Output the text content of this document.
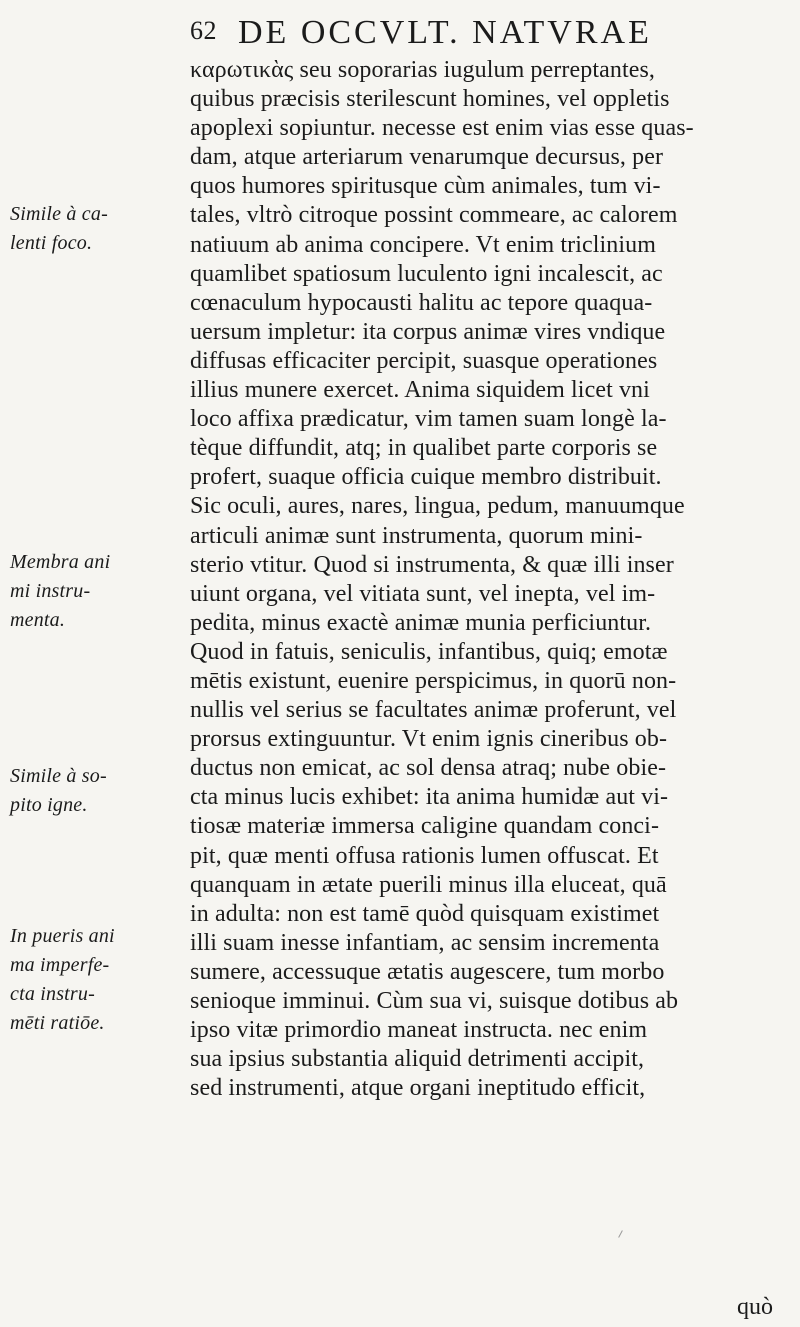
62 DE OCCVLT. NATVRAE
Simile à ca-
lenti foco.
Membra ani
mi instru-
menta.
Simile à so-
pito igne.
In pueris ani
ma imperfe-
cta instru-
mēti ratiōe.
καρωτικὰς seu soporarias iugulum perreptantes,
quibus præcisis sterilescunt homines, vel oppletis
apoplexi sopiuntur. necesse est enim vias esse quas-
dam, atque arteriarum venarumque decursus, per
quos humores spiritusque cùm animales, tum vi-
tales, vltrò citroque possint commeare, ac calorem
natiuum ab anima concipere. Vt enim triclinium
quamlibet spatiosum luculento igni incalescit, ac
cœnaculum hypocausti halitu ac tepore quaqua-
uersum impletur: ita corpus animæ vires vndique
diffusas efficaciter percipit, suasque operationes
illius munere exercet. Anima siquidem licet vni
loco affixa prædicatur, vim tamen suam longè la-
tèque diffundit, atq; in qualibet parte corporis se
profert, suaque officia cuique membro distribuit.
Sic oculi, aures, nares, lingua, pedum, manuumque
articuli animæ sunt instrumenta, quorum mini-
sterio vtitur. Quod si instrumenta, & quæ illi inser
uiunt organa, vel vitiata sunt, vel inepta, vel im-
pedita, minus exactè animæ munia perficiuntur.
Quod in fatuis, seniculis, infantibus, quiq; emotæ
mētis existunt, euenire perspicimus, in quorū non-
nullis vel serius se facultates animæ proferunt, vel
prorsus extinguuntur. Vt enim ignis cineribus ob-
ductus non emicat, ac sol densa atraq; nube obie-
cta minus lucis exhibet: ita anima humidæ aut vi-
tiosæ materiæ immersa caligine quandam conci-
pit, quæ menti offusa rationis lumen offuscat. Et
quanquam in ætate puerili minus illa eluceat, quā
in adulta: non est tamē quòd quisquam existimet
illi suam inesse infantiam, ac sensim incrementa
sumere, accessuque ætatis augescere, tum morbo
senioque imminui. Cùm sua vi, suisque dotibus ab
ipso vitæ primordio maneat instructa. nec enim
sua ipsius substantia aliquid detrimenti accipit,
sed instrumenti, atque organi ineptitudo efficit,
quò
